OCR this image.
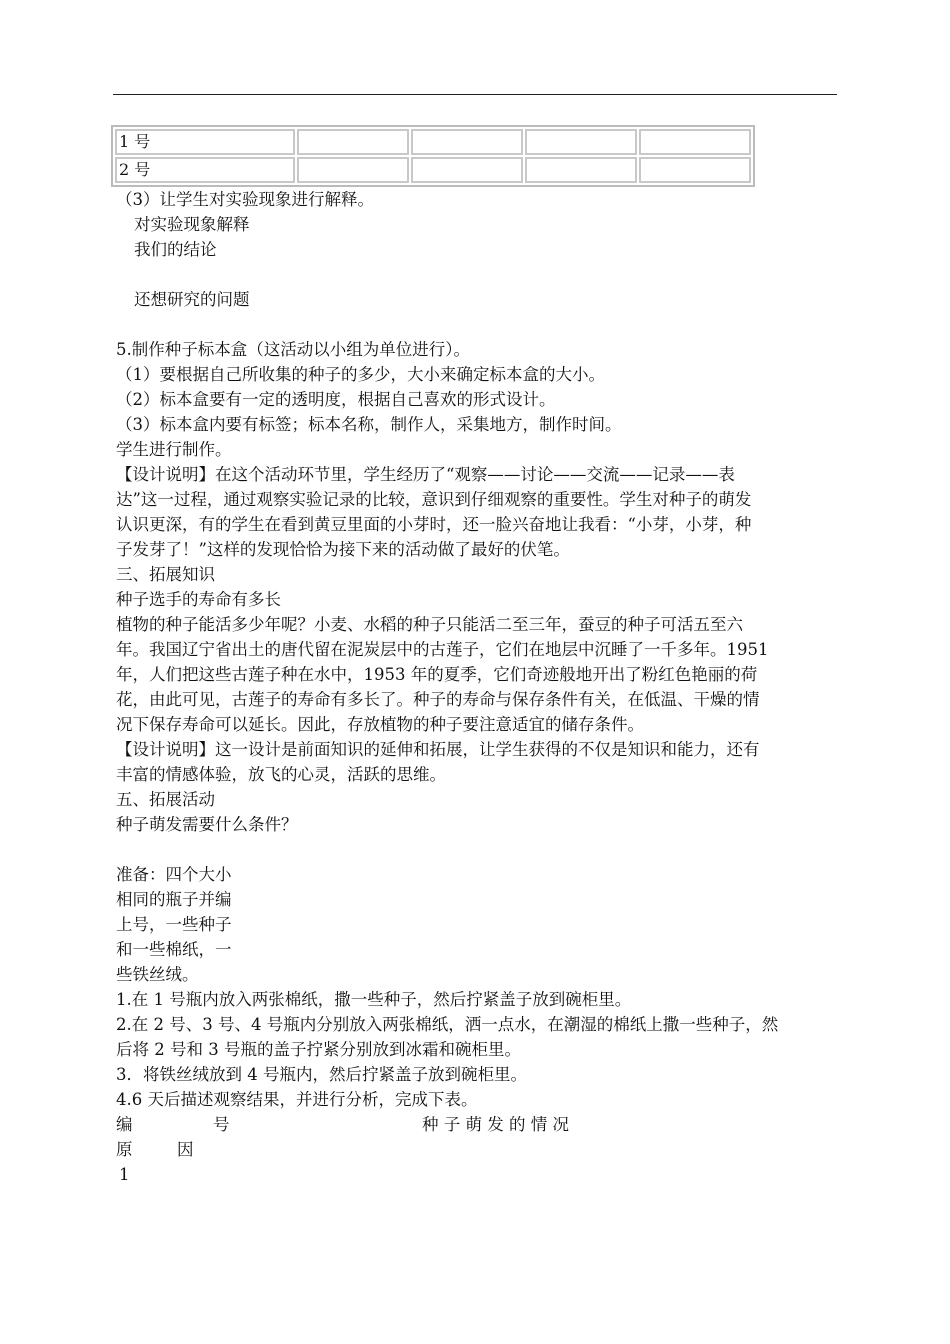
1 号				
2 号				
（3）让学生对实验现象进行解释。
对实验现象解释
我们的结论
还想研究的问题
5.制作种子标本盒（这活动以小组为单位进行）。
（1）要根据自己所收集的种子的多少，大小来确定标本盒的大小。
（2）标本盒要有一定的透明度，根据自己喜欢的形式设计。
（3）标本盒内要有标签；标本名称，制作人，采集地方，制作时间。
学生进行制作。
【设计说明】在这个活动环节里，学生经历了“观察——讨论——交流——记录——表
达”这一过程，通过观察实验记录的比较，意识到仔细观察的重要性。学生对种子的萌发
认识更深，有的学生在看到黄豆里面的小芽时，还一脸兴奋地让我看：“小芽，小芽，种
子发芽了！”这样的发现恰恰为接下来的活动做了最好的伏笔。
三、拓展知识
种子选手的寿命有多长
植物的种子能活多少年呢？小麦、水稻的种子只能活二至三年，蚕豆的种子可活五至六
年。我国辽宁省出土的唐代留在泥炭层中的古莲子，它们在地层中沉睡了一千多年。1951
年，人们把这些古莲子种在水中，1953 年的夏季，它们奇迹般地开出了粉红色艳丽的荷
花，由此可见，古莲子的寿命有多长了。种子的寿命与保存条件有关，在低温、干燥的情
况下保存寿命可以延长。因此，存放植物的种子要注意适宜的储存条件。
【设计说明】这一设计是前面知识的延伸和拓展，让学生获得的不仅是知识和能力，还有
丰富的情感体验，放飞的心灵，活跃的思维。
五、拓展活动
种子萌发需要什么条件？
准备：四个大小
相同的瓶子并编
上号，一些种子
和一些棉纸，一
些铁丝绒。
1.在 1 号瓶内放入两张棉纸，撒一些种子，然后拧紧盖子放到碗柜里。
2.在 2 号、3 号、4 号瓶内分别放入两张棉纸，洒一点水，在潮湿的棉纸上撒一些种子，然
后将 2 号和 3 号瓶的盖子拧紧分别放到冰霜和碗柜里。
3．将铁丝绒放到 4 号瓶内，然后拧紧盖子放到碗柜里。
4.6 天后描述观察结果，并进行分析，完成下表。
编	号	种 子 萌 发 的 情 况
原	因
1
